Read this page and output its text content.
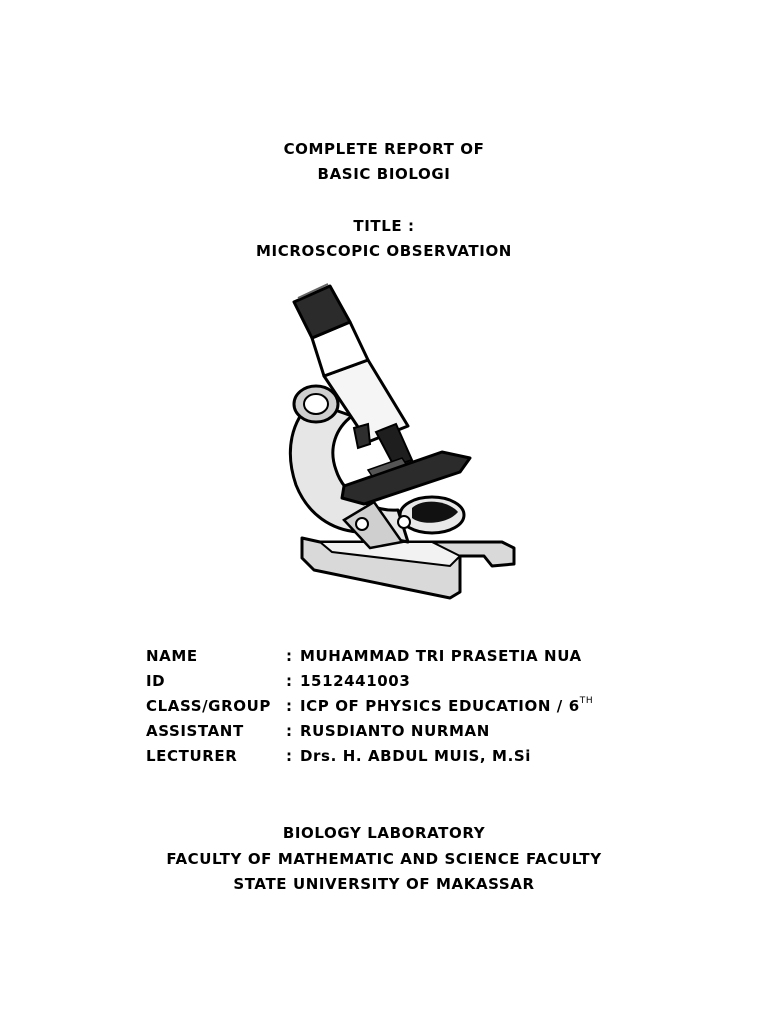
COMPLETE REPORT OF
BASIC BIOLOGI
TITLE :
MICROSCOPIC OBSERVATION
NAME	: MUHAMMAD TRI PRASETIA NUA
ID	: 1512441003
CLASS/GROUP	: ICP OF PHYSICS EDUCATION / 6TH
ASSISTANT	: RUSDIANTO NURMAN
LECTURER	: Drs. H. ABDUL MUIS, M.Si
BIOLOGY LABORATORY
FACULTY OF MATHEMATIC AND SCIENCE FACULTY
STATE UNIVERSITY OF MAKASSAR
